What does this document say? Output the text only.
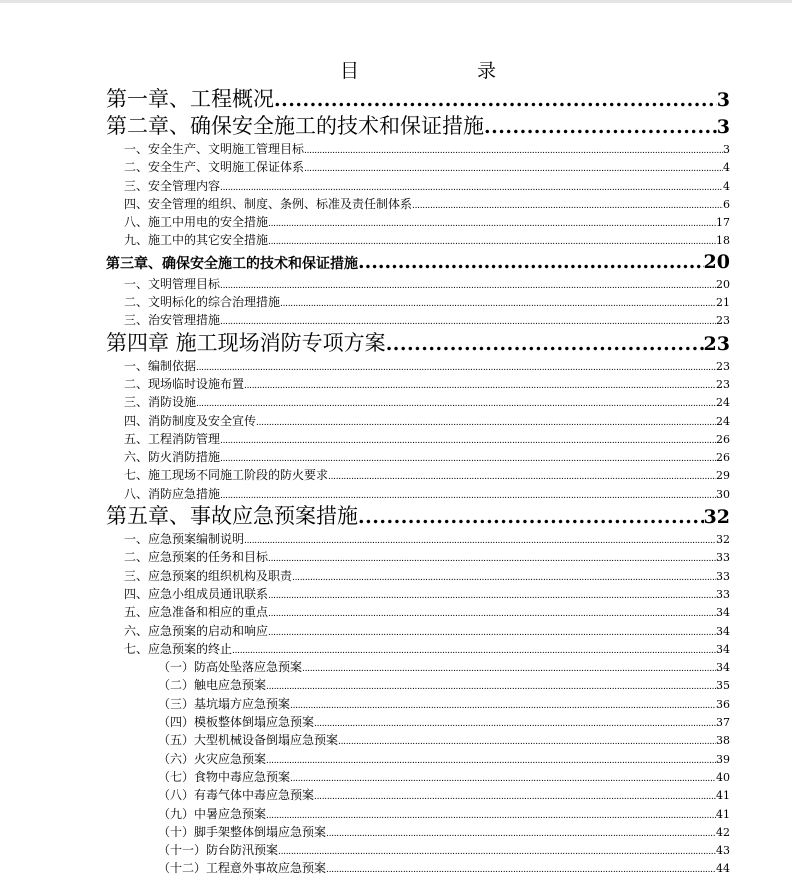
目 录
第一章、工程概况 .....	3
第二章、确保安全施工的技术和保证措施 .....	3
一、安全生产、文明施工管理目标 .....	3
二、安全生产、文明施工保证体系 .....	4
三、安全管理内容 .....	4
四、安全管理的组织、制度、条例、标准及责任制体系 .....	6
八、施工中用电的安全措施 .....	17
九、施工中的其它安全措施 .....	18
第三章、确保安全施工的技术和保证措施 .....	20
一、文明管理目标 .....	20
二、文明标化的综合治理措施 .....	21
三、治安管理措施 .....	23
第四章 施工现场消防专项方案 .....	23
一、编制依据 .....	23
二、现场临时设施布置 .....	23
三、消防设施 .....	24
四、消防制度及安全宣传 .....	24
五、工程消防管理 .....	26
六、防火消防措施 .....	26
七、施工现场不同施工阶段的防火要求 .....	29
八、消防应急措施 .....	30
第五章、事故应急预案措施 .....	32
一、应急预案编制说明 .....	32
二、应急预案的任务和目标 .....	33
三、应急预案的组织机构及职责 .....	33
四、应急小组成员通讯联系 .....	33
五、应急准备和相应的重点 .....	34
六、应急预案的启动和响应 .....	34
七、应急预案的终止 .....	34
（一）防高处坠落应急预案 .....	34
（二）触电应急预案 .....	35
（三）基坑塌方应急预案 .....	36
（四）模板整体倒塌应急预案 .....	37
（五）大型机械设备倒塌应急预案 .....	38
（六）火灾应急预案 .....	39
（七）食物中毒应急预案 .....	40
（八）有毒气体中毒应急预案 .....	41
（九）中暑应急预案 .....	41
（十）脚手架整体倒塌应急预案 .....	42
（十一）防台防汛预案 .....	43
（十二）工程意外事故应急预案 .....	44
